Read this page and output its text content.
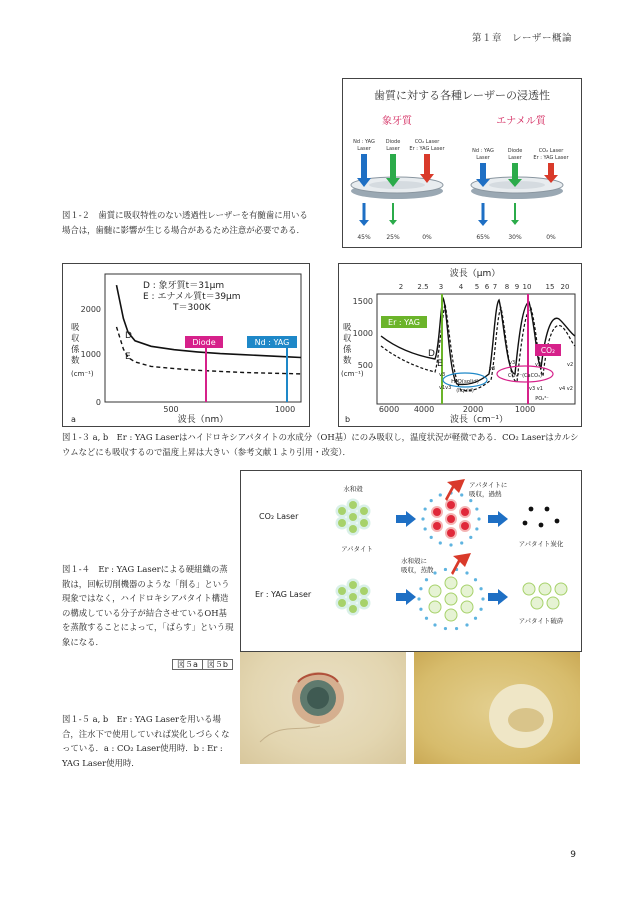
第１章　レーザー概論
歯質に対する各種レーザーの浸透性
象牙質	エナメル質
Nd : YAG
Laser
Diode
Laser
CO₂ Laser
Er : YAG Laser	Nd : YAG
Laser
Diode
Laser
CO₂ Laser
Er : YAG Laser
45%	25%	0%	65%	30%	0%
図１-２　歯質に吸収特性のない透過性レーザーを有髄歯に用いる場合は，歯髄に影響が生じる場合があるため注意が必要である．
D : 象牙質t＝31μm
E : エナメル質t＝39μm
T＝300K
2000
1000
0
500	1000
波長（nm）
a
吸
収
係
数
(cm⁻¹)
D
E
Diode	Nd : YAG
波長（μm）
2 2.5 3 4 5 6 7 8 9 10 15 20
1500
1000
500
6000 4000	2000	1000
波長（cm⁻¹）
b
吸
収
係
数
(cm⁻¹)
Er : YAG
CO₂
D
E
H₂O(solid)
(liquid)
CO₃²⁻(CaCO₃)
PO₄³⁻
v3
v1v3
v2
v3
v3
v2
v3 v1	v4 v2
図１-３ a, b　Er : YAG Laserはハイドロキシアパタイトの水成分（OH基）にのみ吸収し，温度状況が軽微である．CO₂ Laserはカルシウムなどにも吸収するので温度上昇は大きい（参考文献１より引用・改変）．
CO₂ Laser
Er : YAG Laser
水和殻
アパタイト
アパタイトに
吸収，過熱
アパタイト炭化
水和殻に
吸収，蒸散
アパタイト破砕
図１-４　Er : YAG Laserによる硬組織の蒸散は，回転切削機器のような「削る」という現象ではなく，ハイドロキシアパタイト構造の構成している分子が結合させているOH基を蒸散することによって，「ばらす」という現象になる．
図５a 図５b
図１-５ a, b　Er : YAG Laserを用いる場合，注水下で使用していれば炭化しづらくなっている．a : CO₂ Laser使用時．b : Er : YAG Laser使用時．
9
